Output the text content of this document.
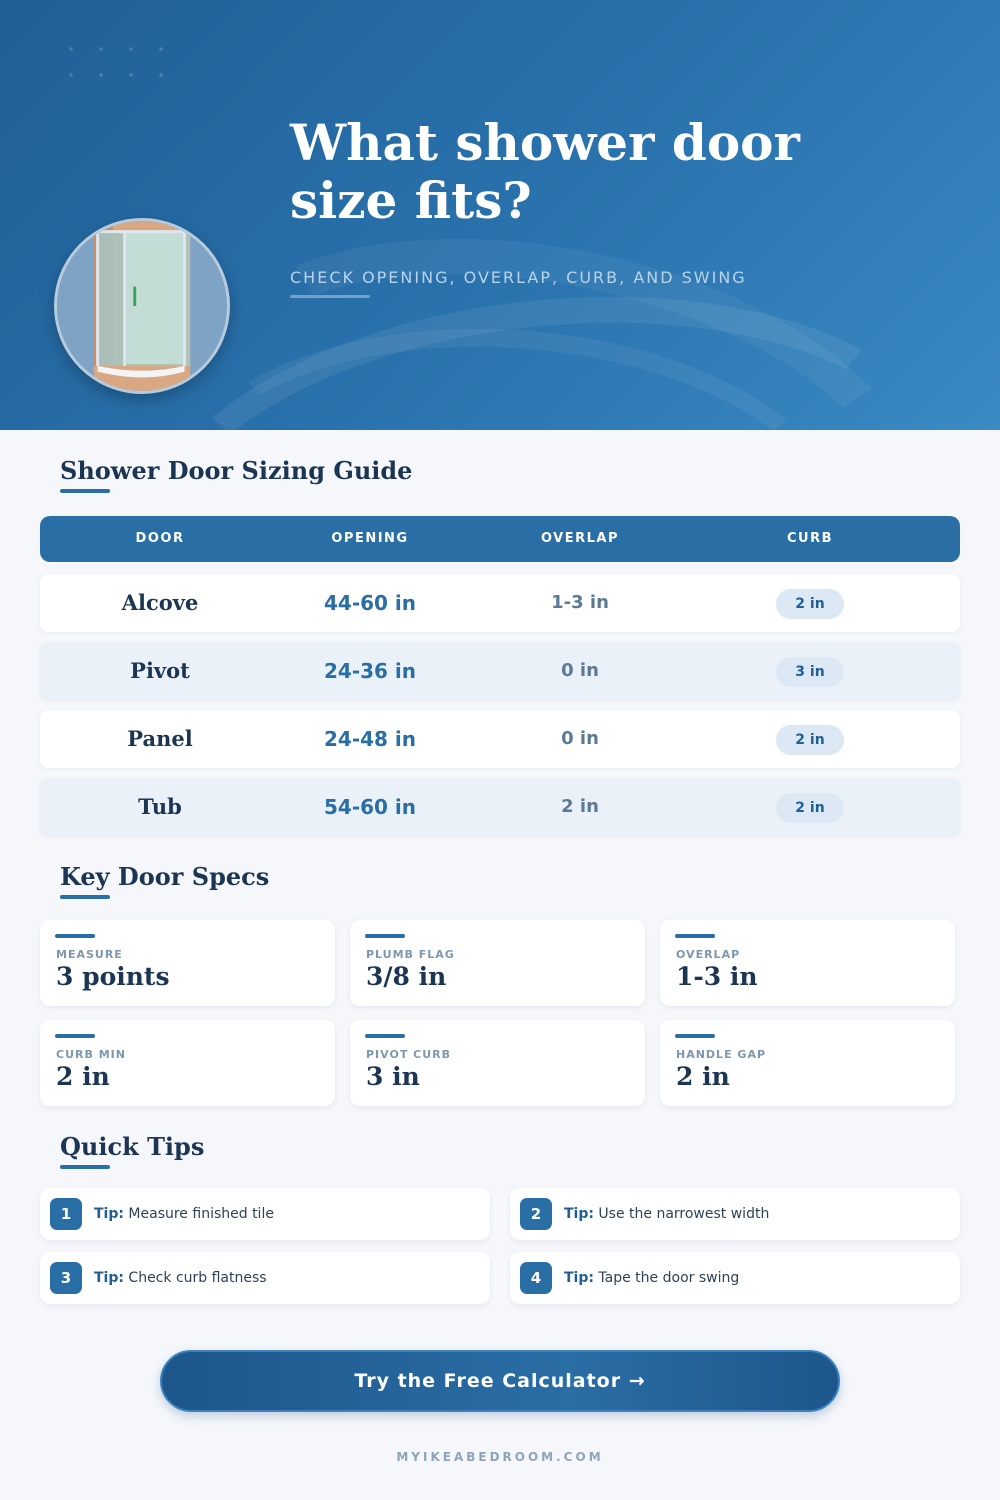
What shower door size fits?
CHECK OPENING, OVERLAP, CURB, AND SWING
Shower Door Sizing Guide
DOOR	OPENING	OVERLAP	CURB
Alcove	44-60 in	1-3 in	2 in
Pivot	24-36 in	0 in	3 in
Panel	24-48 in	0 in	2 in
Tub	54-60 in	2 in	2 in
Key Door Specs
MEASURE
3 points
PLUMB FLAG
3/8 in
OVERLAP
1-3 in
CURB MIN
2 in
PIVOT CURB
3 in
HANDLE GAP
2 in
Quick Tips
1	Tip: Measure finished tile	2	Tip: Use the narrowest width
3	Tip: Check curb flatness	4	Tip: Tape the door swing
Try the Free Calculator →
MYIKEABEDROOM.COM
